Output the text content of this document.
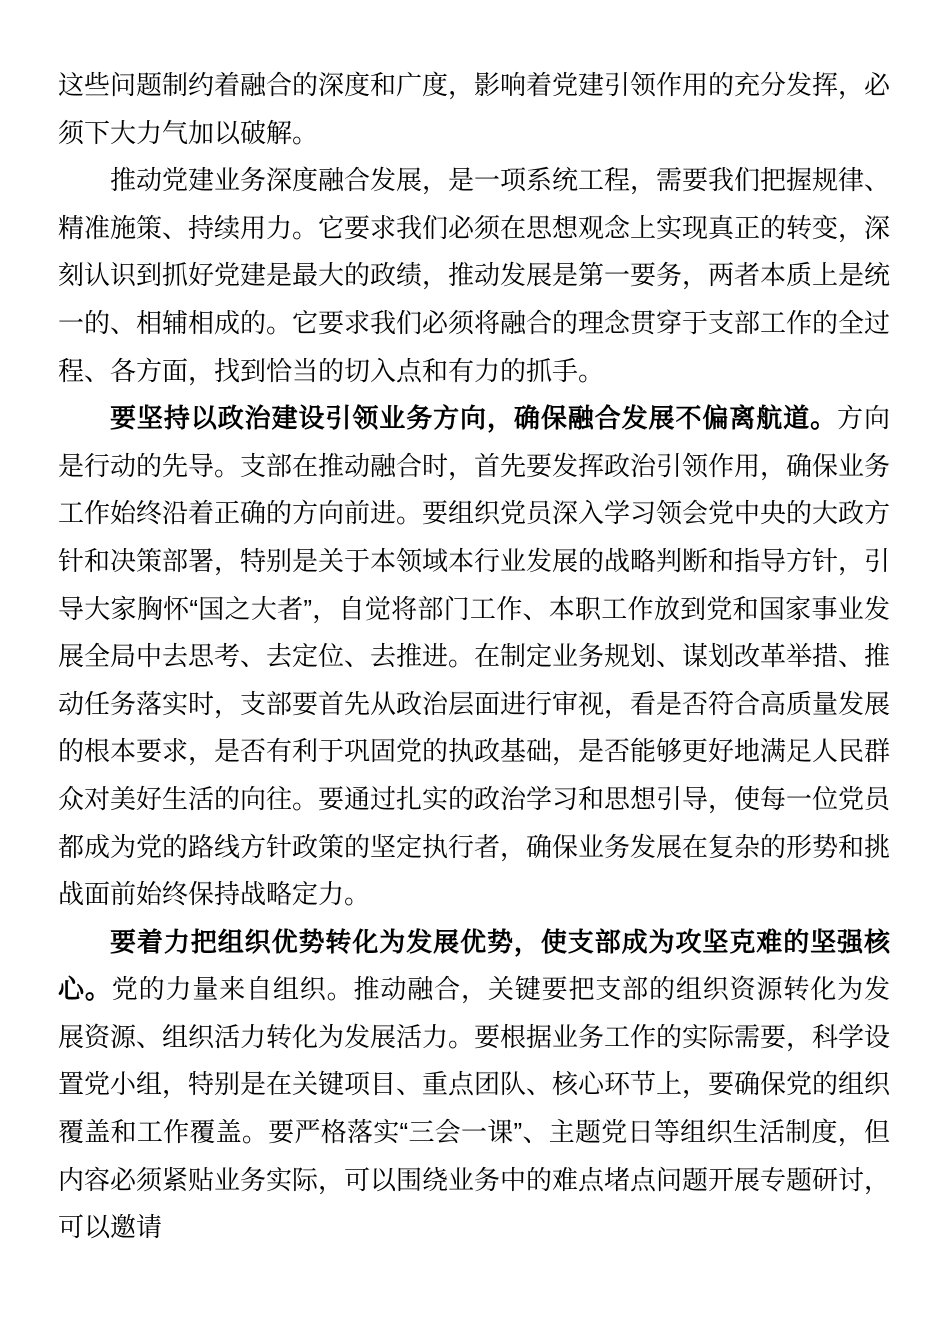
这些问题制约着融合的深度和广度，影响着党建引领作用的充分发挥，必须下大力气加以破解。

推动党建业务深度融合发展，是一项系统工程，需要我们把握规律、精准施策、持续用力。它要求我们必须在思想观念上实现真正的转变，深刻认识到抓好党建是最大的政绩，推动发展是第一要务，两者本质上是统一的、相辅相成的。它要求我们必须将融合的理念贯穿于支部工作的全过程、各方面，找到恰当的切入点和有力的抓手。

要坚持以政治建设引领业务方向，确保融合发展不偏离航道。方向是行动的先导。支部在推动融合时，首先要发挥政治引领作用，确保业务工作始终沿着正确的方向前进。要组织党员深入学习领会党中央的大政方针和决策部署，特别是关于本领域本行业发展的战略判断和指导方针，引导大家胸怀“国之大者”，自觉将部门工作、本职工作放到党和国家事业发展全局中去思考、去定位、去推进。在制定业务规划、谋划改革举措、推动任务落实时，支部要首先从政治层面进行审视，看是否符合高质量发展的根本要求，是否有利于巩固党的执政基础，是否能够更好地满足人民群众对美好生活的向往。要通过扎实的政治学习和思想引导，使每一位党员都成为党的路线方针政策的坚定执行者，确保业务发展在复杂的形势和挑战面前始终保持战略定力。

要着力把组织优势转化为发展优势，使支部成为攻坚克难的坚强核心。党的力量来自组织。推动融合，关键要把支部的组织资源转化为发展资源、组织活力转化为发展活力。要根据业务工作的实际需要，科学设置党小组，特别是在关键项目、重点团队、核心环节上，要确保党的组织覆盖和工作覆盖。要严格落实“三会一课”、主题党日等组织生活制度，但内容必须紧贴业务实际，可以围绕业务中的难点堵点问题开展专题研讨，可以邀请
